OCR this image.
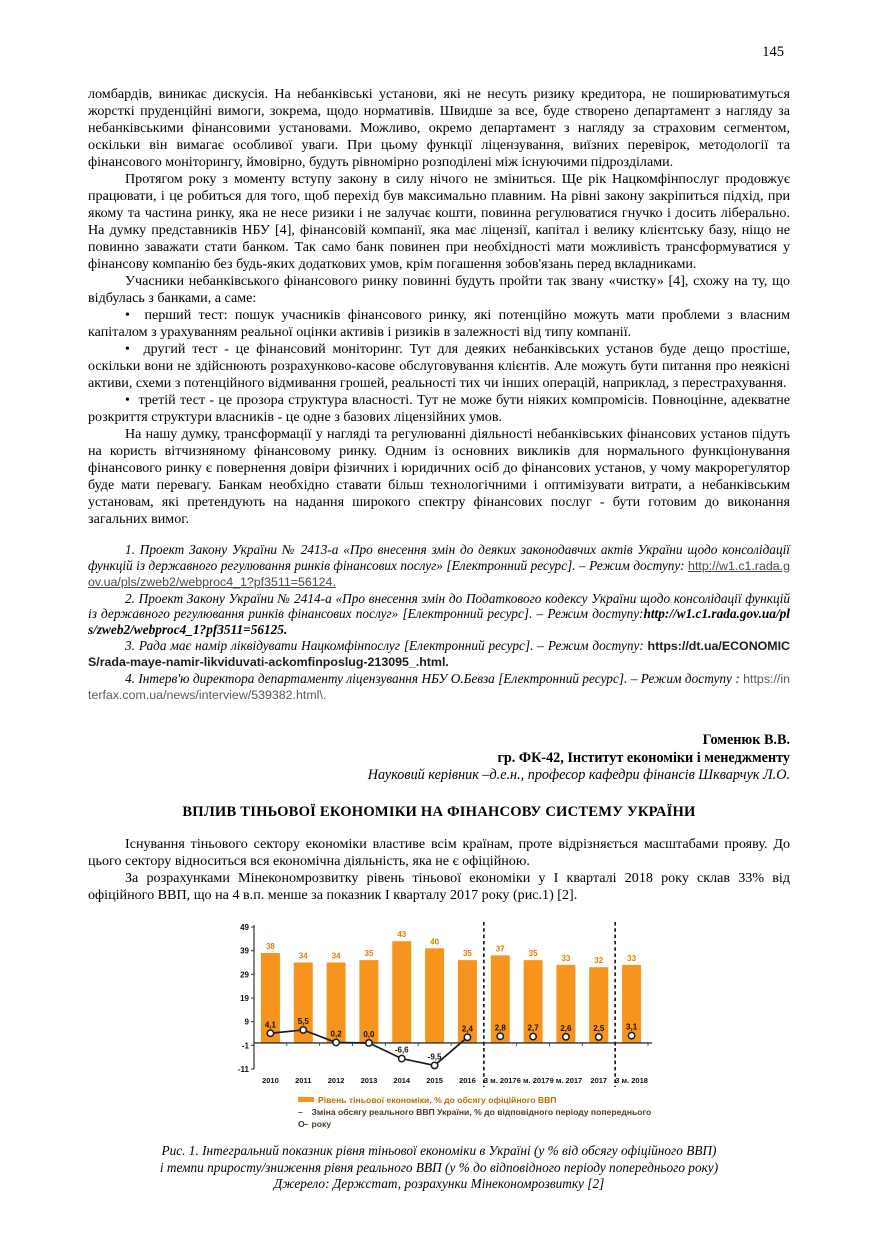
145

ломбардів, виникає дискусія. На небанківські установи, які не несуть ризику кредитора, не поширюватимуться жорсткі пруденційні вимоги, зокрема, щодо нормативів. Швидше за все, буде створено департамент з нагляду за небанківськими фінансовими установами. Можливо, окремо департамент з нагляду за страховим сегментом, оскільки він вимагає особливої уваги. При цьому функції ліцензування, виїзних перевірок, методології та фінансового моніторингу, ймовірно, будуть рівномірно розподілені між існуючими підрозділами.

Протягом року з моменту вступу закону в силу нічого не зміниться. Ще рік Нацкомфінпослуг продовжує працювати, і це робиться для того, щоб перехід був максимально плавним. На рівні закону закріпиться підхід, при якому та частина ринку, яка не несе ризики і не залучає кошти, повинна регулюватися гнучко і досить ліберально. На думку представників НБУ [4], фінансовій компанії, яка має ліцензії, капітал і велику клієнтську базу, ніщо не повинно заважати стати банком. Так само банк повинен при необхідності мати можливість трансформуватися у фінансову компанію без будь-яких додаткових умов, крім погашення зобов'язань перед вкладниками.

Учасники небанківського фінансового ринку повинні будуть пройти так звану «чистку» [4], схожу на ту, що відбулась з банками, а саме:

•  перший тест: пошук учасників фінансового ринку, які потенційно можуть мати проблеми з власним капіталом з урахуванням реальної оцінки активів і ризиків в залежності від типу компанії.
•  другий тест - це фінансовий моніторинг. Тут для деяких небанківських установ буде дещо простіше, оскільки вони не здійснюють розрахунково-касове обслуговування клієнтів. Але можуть бути питання про неякісні активи, схеми з потенційного відмивання грошей, реальності тих чи інших операцій, наприклад, з перестрахування.
•  третій тест - це прозора структура власності. Тут не може бути ніяких компромісів. Повноцінне, адекватне розкриття структури власників - це одне з базових ліцензійних умов.

На нашу думку, трансформації у нагляді та регулюванні діяльності небанківських фінансових установ підуть на користь вітчизняному фінансовому ринку. Одним із основних викликів для нормального функціонування фінансового ринку є повернення довіри фізичних і юридичних осіб до фінансових установ, у чому макрорегулятор буде мати перевагу. Банкам необхідно ставати більш технологічними і оптимізувати витрати, а небанківським установам, які претендують на надання широкого спектру фінансових послуг - бути готовим до виконання загальних вимог.

1. Проект Закону України № 2413-а «Про внесення змін до деяких законодавчих актів України щодо консолідації функцій із державного регулювання ринків фінансових послуг» [Електронний ресурс]. – Режим доступу: http://w1.c1.rada.gov.ua/pls/zweb2/webproc4_1?pf3511=56124.

2. Проект Закону України № 2414-а «Про внесення змін до Податкового кодексу України щодо консолідації функцій із державного регулювання ринків фінансових послуг» [Електронний ресурс]. – Режим доступу:http://w1.c1.rada.gov.ua/pls/zweb2/webproc4_1?pf3511=56125.

3. Рада має намір ліквідувати Нацкомфінпослуг [Електронний ресурс]. – Режим доступу: https://dt.ua/ECONOMICS/rada-maye-namir-likviduvati-ackomfinposlug-213095_.html.

4. Інтерв'ю директора департаменту ліцензування НБУ О.Бевза [Електронний ресурс]. – Режим доступу : https://interfax.com.ua/news/interview/539382.html\.

Гоменюк В.В.
гр. ФК-42, Інститут економіки і менеджменту
Науковий керівник –д.е.н., професор кафедри фінансів Шкварчук Л.О.
ВПЛИВ ТІНЬОВОЇ ЕКОНОМІКИ НА ФІНАНСОВУ СИСТЕМУ УКРАЇНИ

Існування тіньового сектору економіки властиве всім країнам, проте відрізняється масштабами прояву. До цього сектору відноситься вся економічна діяльність, яка не є офіційною.

За розрахунками Мінекономрозвитку рівень тіньової економіки у І кварталі 2018 року склав 33% від офіційного ВВП, що на 4 в.п. менше за показник І кварталу 2017 року (рис.1) [2].

38
34	34	35
43
40
35
37
35
33	32	33
49
39
29
19
9
-1
-11
4,1	5,5
0,2	0,0
-6,6
-9,5
2,4	2,8	2,7	2,6	2,5	3,1
2010 2011 2012 2013 2014 2015 2016 3 м. 2017 6 м. 2017 9 м. 2017 2017 3 м. 2018
Рівень тіньової економіки, % до обсягу офіційного ВВП
–О–
Зміна обсягу реального ВВП України, % до відповідного періоду попереднього року
Рис. 1. Інтегральний показник рівня тіньової економіки в Україні (у % від обсягу офіційного ВВП)
і темпи приросту/зниження рівня реального ВВП (у % до відповідного періоду попереднього року)
Джерело: Держстат, розрахунки Мінекономрозвитку [2]
